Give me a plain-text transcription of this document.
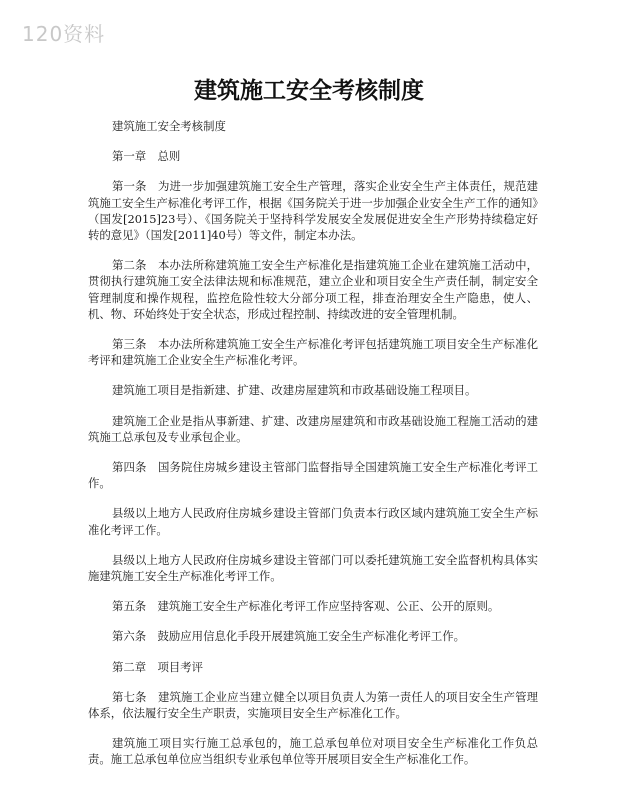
120资料
建筑施工安全考核制度

建筑施工安全考核制度

第一章　总则

第一条　为进一步加强建筑施工安全生产管理，落实企业安全生产主体责任，规范建筑施工安全生产标准化考评工作，根据《国务院关于进一步加强企业安全生产工作的通知》（国发[2015]23号）、《国务院关于坚持科学发展安全发展促进安全生产形势持续稳定好转的意见》（国发[2011]40号）等文件，制定本办法。

第二条　本办法所称建筑施工安全生产标准化是指建筑施工企业在建筑施工活动中，贯彻执行建筑施工安全法律法规和标准规范，建立企业和项目安全生产责任制，制定安全管理制度和操作规程，监控危险性较大分部分项工程，排查治理安全生产隐患，使人、机、物、环始终处于安全状态，形成过程控制、持续改进的安全管理机制。

第三条　本办法所称建筑施工安全生产标准化考评包括建筑施工项目安全生产标准化考评和建筑施工企业安全生产标准化考评。

建筑施工项目是指新建、扩建、改建房屋建筑和市政基础设施工程项目。

建筑施工企业是指从事新建、扩建、改建房屋建筑和市政基础设施工程施工活动的建筑施工总承包及专业承包企业。

第四条　国务院住房城乡建设主管部门监督指导全国建筑施工安全生产标准化考评工作。

县级以上地方人民政府住房城乡建设主管部门负责本行政区域内建筑施工安全生产标准化考评工作。

县级以上地方人民政府住房城乡建设主管部门可以委托建筑施工安全监督机构具体实施建筑施工安全生产标准化考评工作。

第五条　建筑施工安全生产标准化考评工作应坚持客观、公正、公开的原则。

第六条　鼓励应用信息化手段开展建筑施工安全生产标准化考评工作。

第二章　项目考评

第七条　建筑施工企业应当建立健全以项目负责人为第一责任人的项目安全生产管理体系，依法履行安全生产职责，实施项目安全生产标准化工作。

建筑施工项目实行施工总承包的，施工总承包单位对项目安全生产标准化工作负总责。施工总承包单位应当组织专业承包单位等开展项目安全生产标准化工作。
